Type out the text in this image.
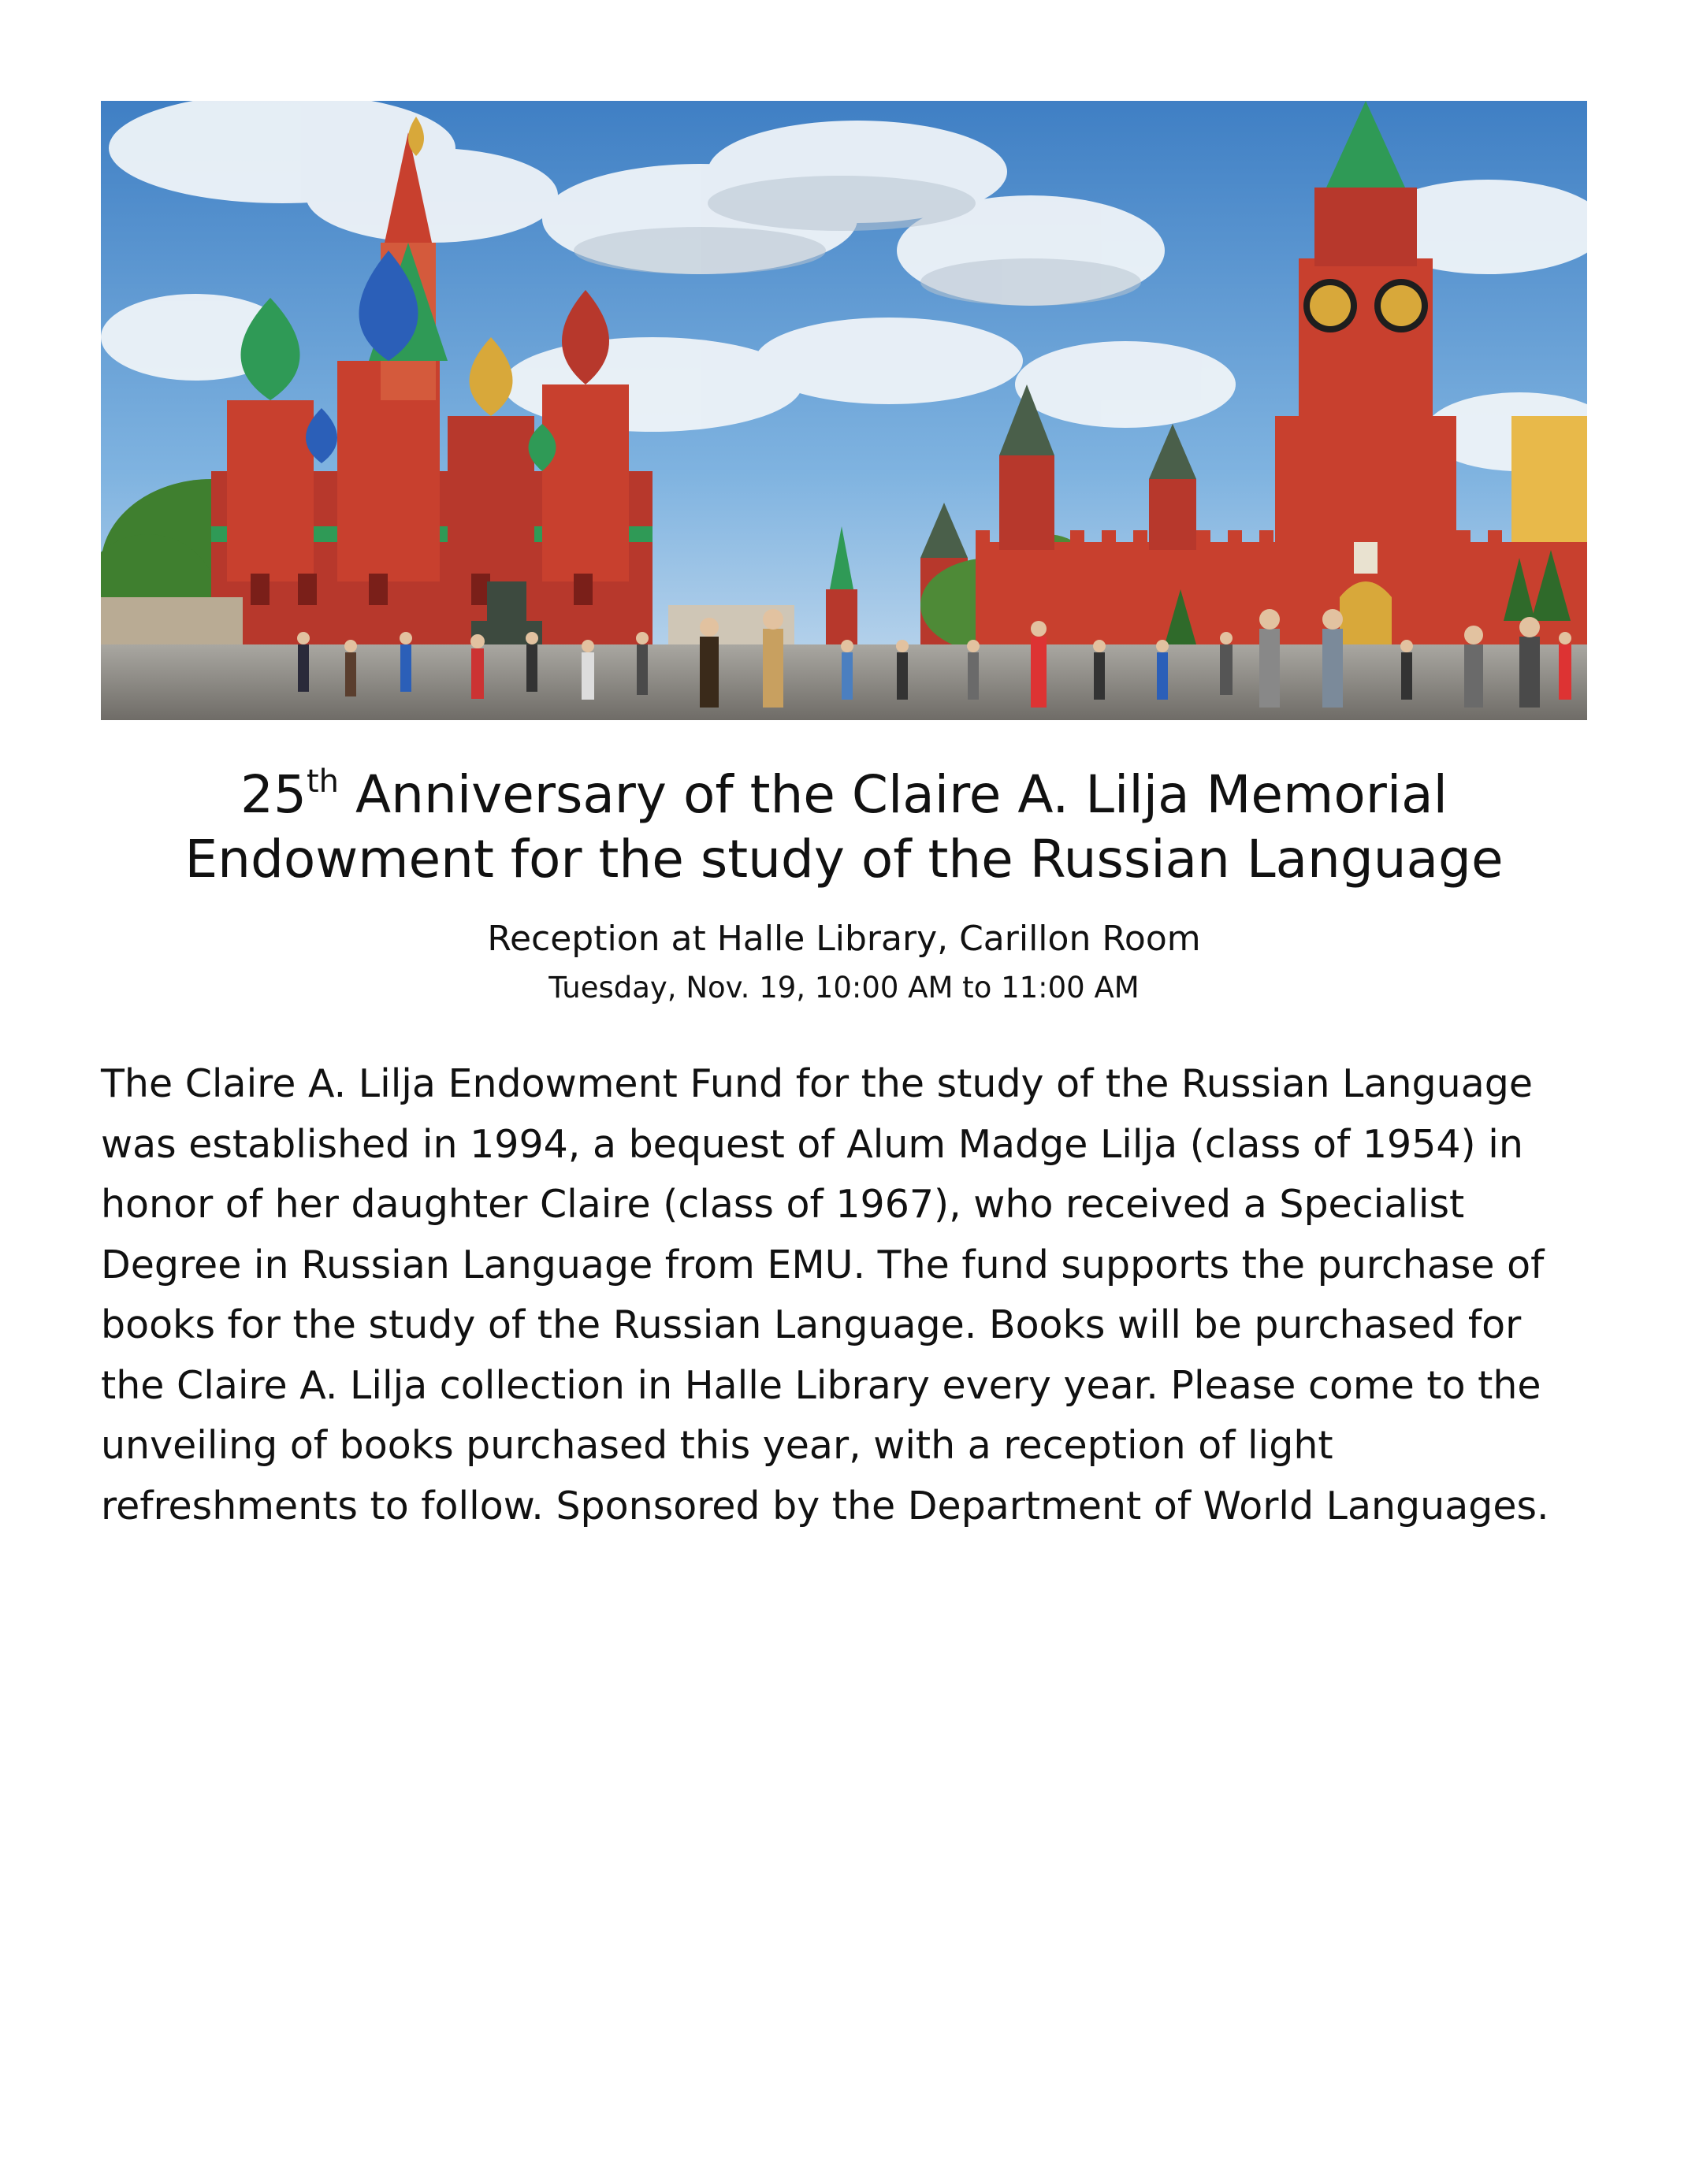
25th Anniversary of the Claire A. Lilja Memorial
Endowment for the study of the Russian Language

Reception at Halle Library, Carillon Room

Tuesday, Nov. 19, 10:00 AM to 11:00 AM

The Claire A. Lilja Endowment Fund for the study of the Russian Language was established in 1994, a bequest of Alum Madge Lilja (class of 1954) in honor of her daughter Claire (class of 1967), who received a Specialist Degree in Russian Language from EMU. The fund supports the purchase of books for the study of the Russian Language. Books will be purchased for the Claire A. Lilja collection in Halle Library every year. Please come to the unveiling of books purchased this year, with a reception of light refreshments to follow. Sponsored by the Department of World Languages.
